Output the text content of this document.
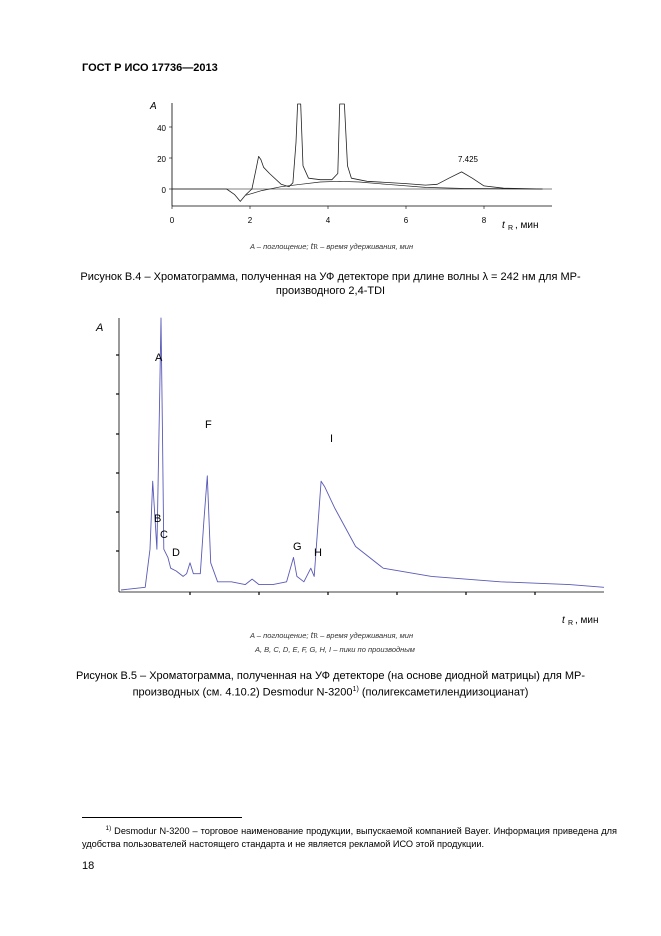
ГОСТ Р ИСО 17736—2013
A
40
20
0
0	2	4	6	8 t R , мин
7.425
A
t R , мин
A
B
C
D
F
G H
I
A – поглощение; tR – время удерживания, мин
Рисунок В.4 – Хроматограмма, полученная на УФ детекторе при длине волны λ = 242 нм для МР-
производного 2,4-TDI
A – поглощение; tR – время удерживания, мин
A, B, C, D, E, F, G, H, I – пики по производным
Рисунок В.5 – Хроматограмма, полученная на УФ детекторе (на основе диодной матрицы) для МР-
производных (см. 4.10.2) Desmodur N-3200$^{1)}$ (полигексаметилендиизоцианат)
$^{1)}$ Desmodur N-3200 – торговое наименование продукции, выпускаемой компанией Bayer. Информация приведена для удобства пользователей настоящего стандарта и не является рекламой ИСО этой продукции.
18
